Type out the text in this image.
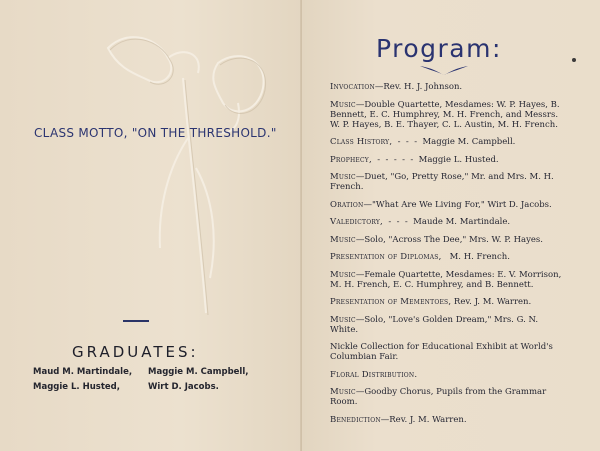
CLASS MOTTO, "ON THE THRESHOLD."
GRADUATES:
Maud M. Martindale,	Maggie M. Campbell,
Maggie L. Husted,	Wirt D. Jacobs.
Program:
Invocation—Rev. H. J. Johnson.
Music—Double Quartette, Mesdames: W. P. Hayes, B. Bennett, E. C. Humphrey, M. H. French, and Messrs. W. P. Hayes, B. E. Thayer, C. L. Austin, M. H. French.
Class History,  -  -  -  Maggie M. Campbell.
Prophecy,  -  -  -  -  -  Maggie L. Husted.
Music—Duet, "Go, Pretty Rose," Mr. and Mrs. M. H. French.
Oration—"What Are We Living For," Wirt D. Jacobs.
Valedictory,  -  -  -  Maude M. Martindale.
Music—Solo, "Across The Dee," Mrs. W. P. Hayes.
Presentation of Diplomas,   M. H. French.
Music—Female Quartette, Mesdames: E. V. Morrison, M. H. French, E. C. Humphrey, and B. Bennett.
Presentation of Mementoes, Rev. J. M. Warren.
Music—Solo, "Love's Golden Dream," Mrs. G. N. White.
Nickle Collection for Educational Exhibit at World's Columbian Fair.
Floral Distribution.
Music—Goodby Chorus, Pupils from the Grammar Room.
Benediction—Rev. J. M. Warren.
